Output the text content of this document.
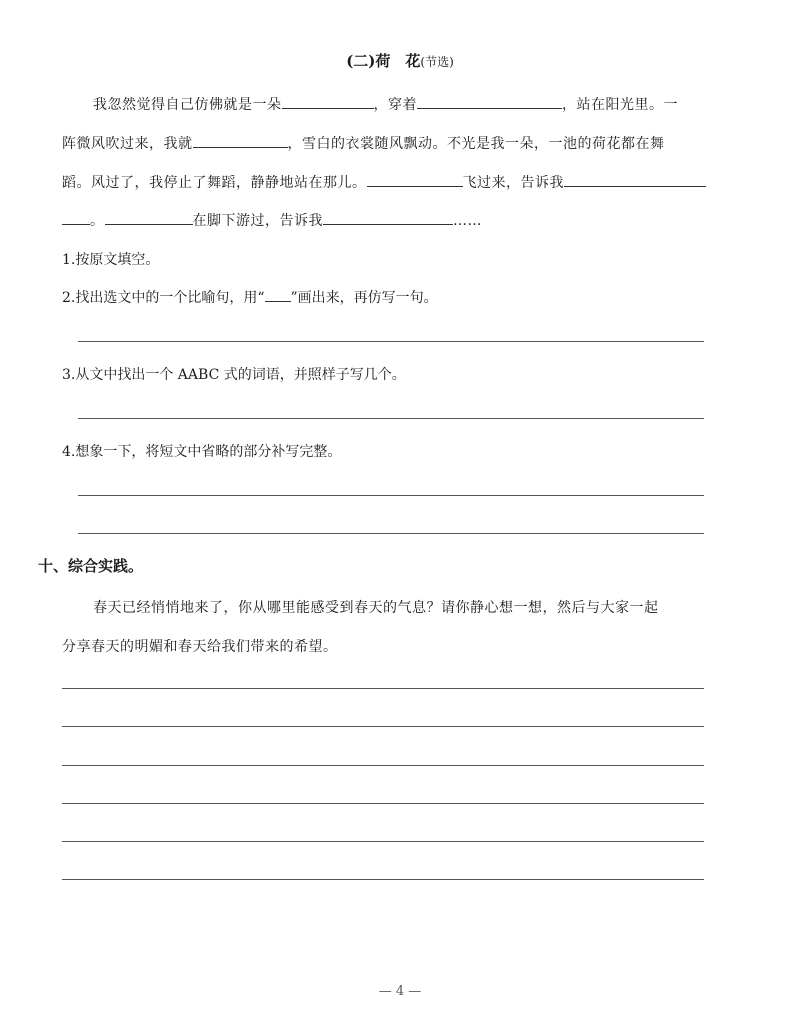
(二)荷　花(节选)
我忽然觉得自己仿佛就是一朵	，穿着	，站在阳光里。一
阵微风吹过来，我就	，雪白的衣裳随风飘动。不光是我一朵，一池的荷花都在舞
蹈。风过了，我停止了舞蹈，静静地站在那儿。	飞过来，告诉我
。	在脚下游过，告诉我	……
1.按原文填空。
2.找出选文中的一个比喻句，用“ ”画出来，再仿写一句。
3.从文中找出一个 AABC 式的词语，并照样子写几个。
4.想象一下，将短文中省略的部分补写完整。
十、综合实践。
春天已经悄悄地来了，你从哪里能感受到春天的气息？请你静心想一想，然后与大家一起
分享春天的明媚和春天给我们带来的希望。
— 4 —
